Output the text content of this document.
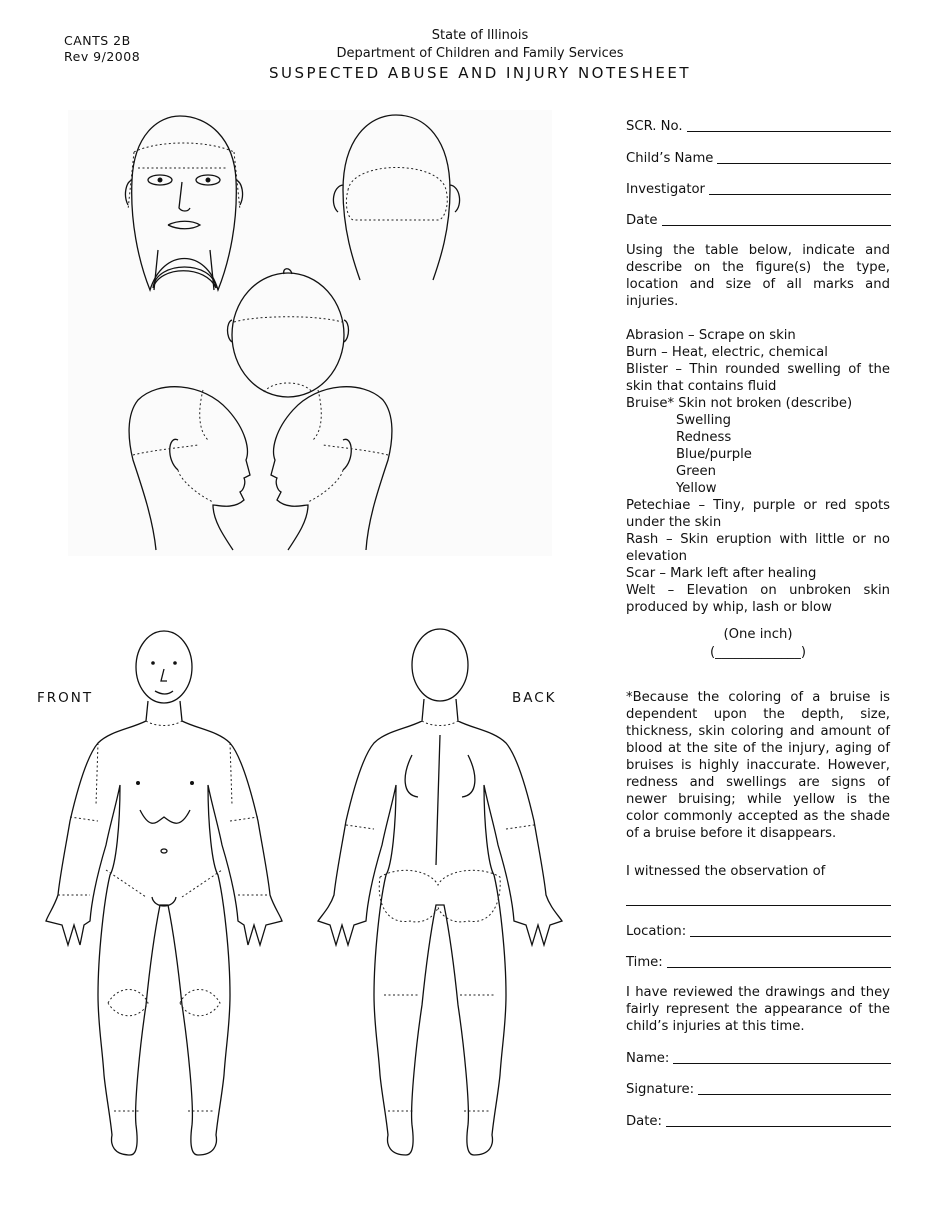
CANTS 2B
Rev 9/2008
State of Illinois
Department of Children and Family Services
SUSPECTED ABUSE AND INJURY NOTESHEET
FRONT	BACK
SCR. No.
Child’s Name
Investigator
Date
Using the table below, indicate and describe on the figure(s) the type, location and size of all marks and injuries.
Abrasion – Scrape on skin
Burn – Heat, electric, chemical
Blister – Thin rounded swelling of the skin that contains fluid
Bruise* Skin not broken (describe)
Swelling
Redness
Blue/purple
Green
Yellow
Petechiae – Tiny, purple or red spots under the skin
Rash – Skin eruption with little or no elevation
Scar – Mark left after healing
Welt – Elevation on unbroken skin produced by whip, lash or blow
(One inch)
(_____________)
*Because the coloring of a bruise is dependent upon the depth, size, thickness, skin coloring and amount of blood at the site of the injury, aging of bruises is highly inaccurate. However, redness and swellings are signs of newer bruising; while yellow is the color commonly accepted as the shade of a bruise before it disappears.
I witnessed the observation of
Location:
Time:
I have reviewed the drawings and they fairly represent the appearance of the child’s injuries at this time.
Name:
Signature:
Date:
